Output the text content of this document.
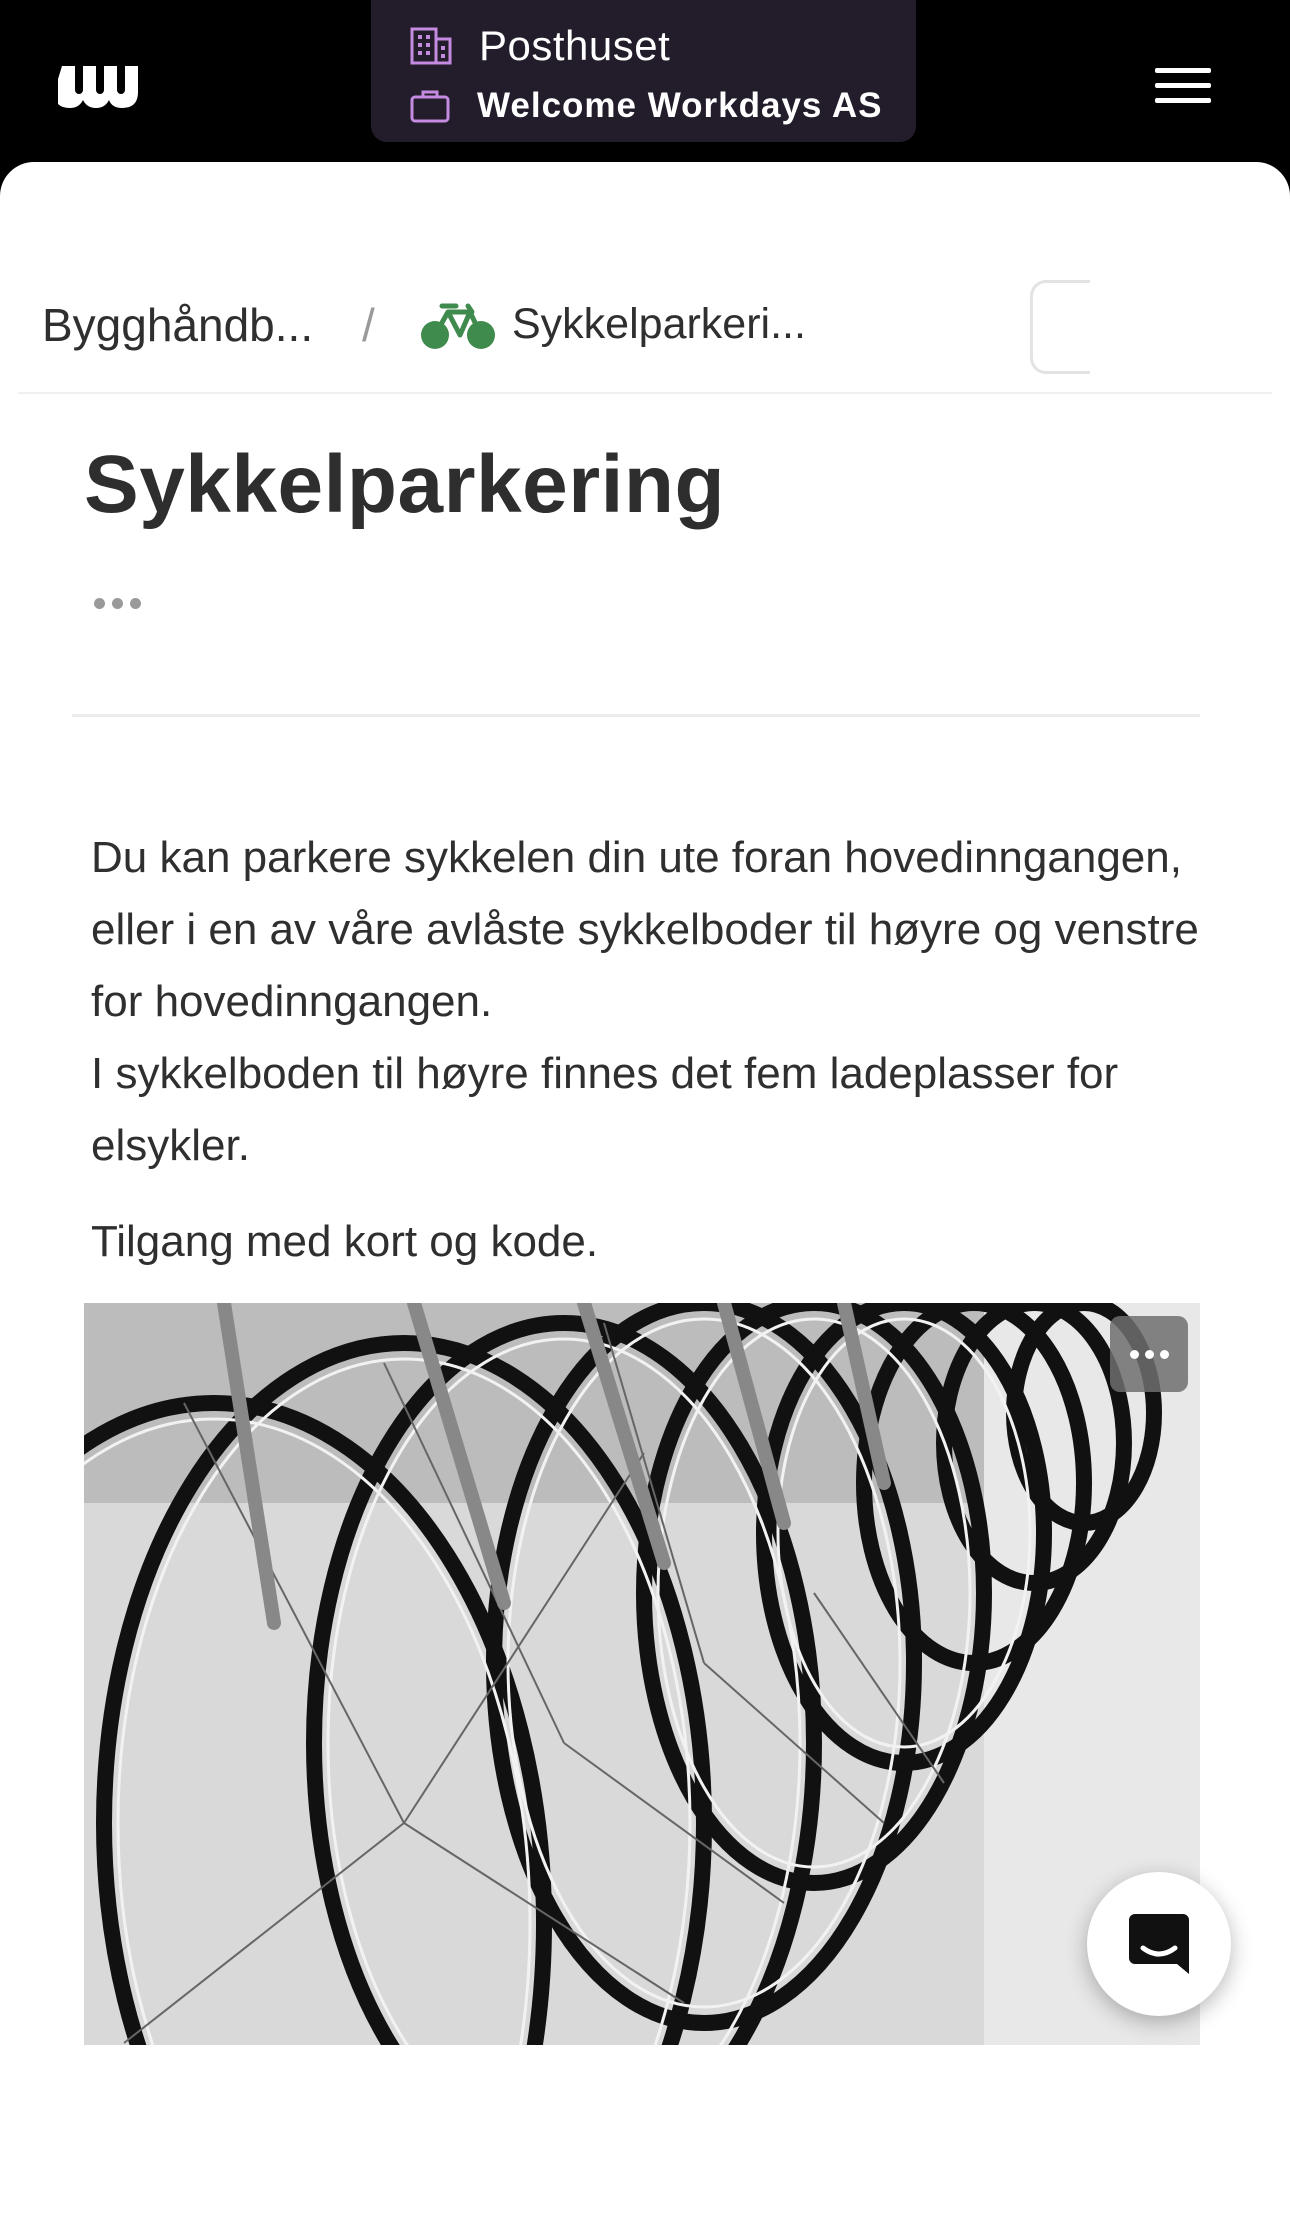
Posthuset
Welcome Workdays AS
Bygghåndb... /	Sykkelparkeri...
Sykkelparkering

Du kan parkere sykkelen din ute foran hovedinngangen, eller i en av våre avlåste sykkelboder til høyre og venstre for hovedinngangen.

I sykkelboden til høyre finnes det fem ladeplasser for elsykler.

Tilgang med kort og kode.
